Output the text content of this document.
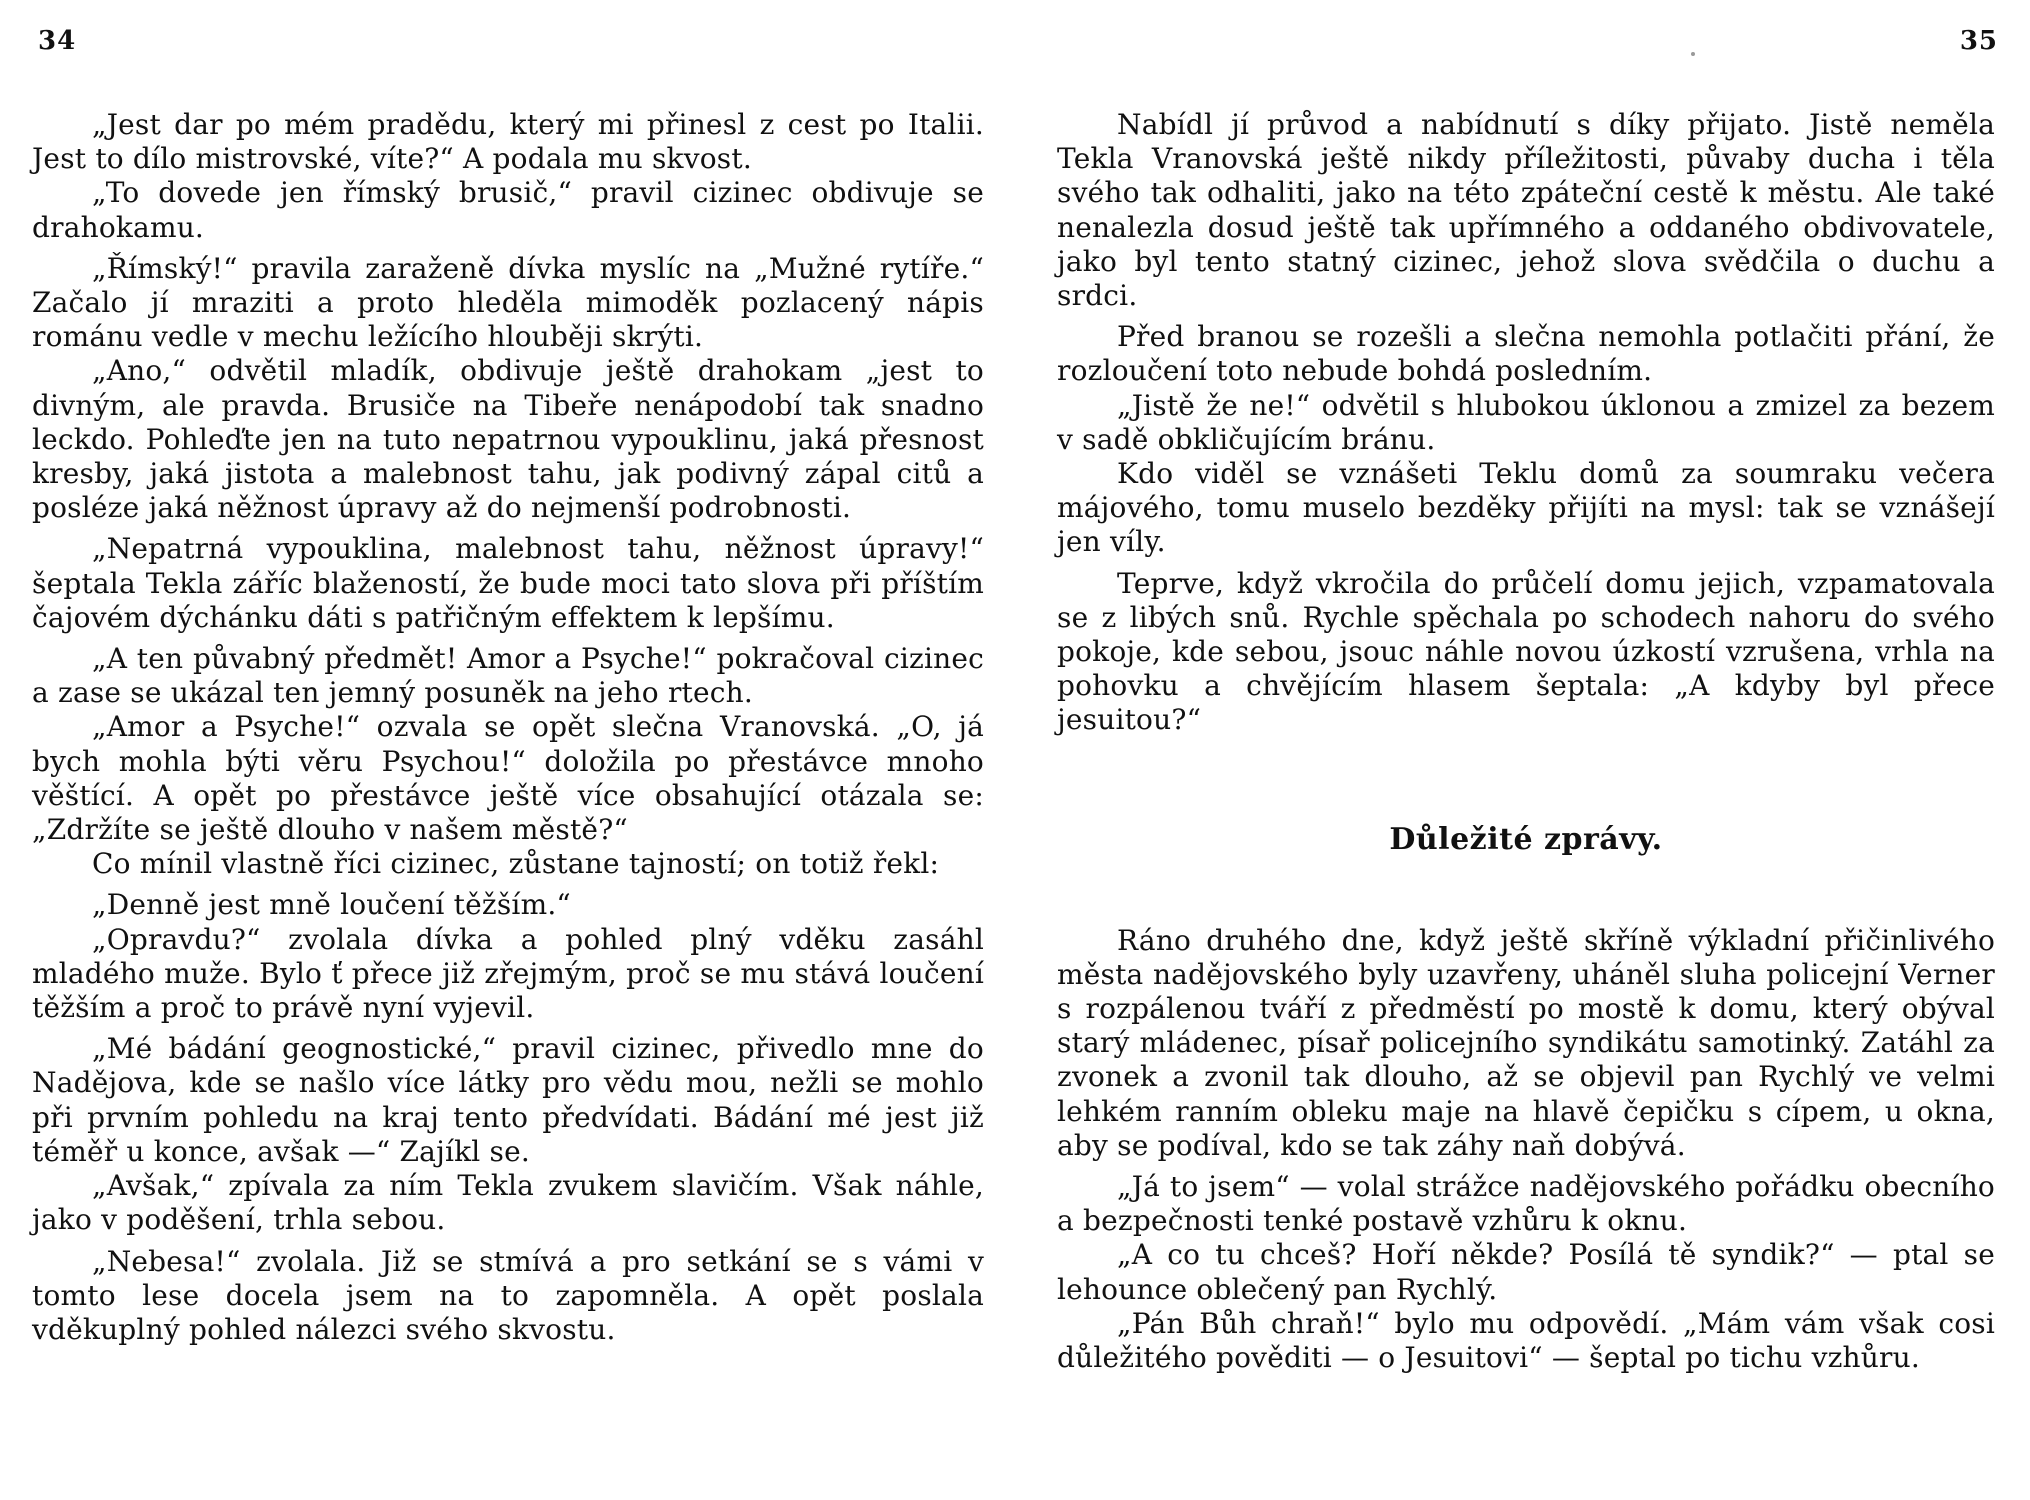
34

„Jest dar po mém pradědu, který mi přinesl z cest po Italii. Jest to dílo mistrovské, víte?“ A podala mu skvost.

„To dovede jen římský brusič,“ pravil cizinec obdivuje se drahokamu.

„Římský!“ pravila zaraženě dívka myslíc na „Mužné rytíře.“ Začalo jí mraziti a proto hleděla mimoděk pozlacený nápis románu vedle v mechu ležícího hlouběji skrýti.

„Ano,“ odvětil mladík, obdivuje ještě drahokam „jest to divným, ale pravda. Brusiče na Tibeře nenápodobí tak snadno leckdo. Pohleďte jen na tuto nepatrnou vypouklinu, jaká přesnost kresby, jaká jistota a malebnost tahu, jak podivný zápal citů a posléze jaká něžnost úpravy až do nejmenší podrobnosti.

„Nepatrná vypouklina, malebnost tahu, něžnost úpravy!“ šeptala Tekla záříc blažeností, že bude moci tato slova při příštím čajovém dýchánku dáti s patřičným effektem k lepšímu.

„A ten půvabný předmět! Amor a Psyche!“ pokračoval cizinec a zase se ukázal ten jemný posuněk na jeho rtech.

„Amor a Psyche!“ ozvala se opět slečna Vranovská. „O, já bych mohla býti věru Psychou!“ doložila po přestávce mnoho věštící. A opět po přestávce ještě více obsahující otázala se: „Zdržíte se ještě dlouho v našem městě?“

Co mínil vlastně říci cizinec, zůstane tajností; on totiž řekl:

„Denně jest mně loučení těžším.“

„Opravdu?“ zvolala dívka a pohled plný vděku zasáhl mladého muže. Bylo ť přece již zřejmým, proč se mu stává loučení těžším a proč to právě nyní vyjevil.

„Mé bádání geognostické,“ pravil cizinec, přivedlo mne do Nadějova, kde se našlo více látky pro vědu mou, nežli se mohlo při prvním pohledu na kraj tento předvídati. Bádání mé jest již téměř u konce, avšak —“ Zajíkl se.

„Avšak,“ zpívala za ním Tekla zvukem slavičím. Však náhle, jako v poděšení, trhla sebou.

„Nebesa!“ zvolala. Již se stmívá a pro setkání se s vámi v tomto lese docela jsem na to zapomněla. A opět poslala vděkuplný pohled nálezci svého skvostu.

35

Nabídl jí průvod a nabídnutí s díky přijato. Jistě neměla Tekla Vranovská ještě nikdy příležitosti, půvaby ducha i těla svého tak odhaliti, jako na této zpáteční cestě k městu. Ale také nenalezla dosud ještě tak upřímného a oddaného obdivovatele, jako byl tento statný cizinec, jehož slova svědčila o duchu a srdci.

Před branou se rozešli a slečna nemohla potlačiti přání, že rozloučení toto nebude bohdá posledním.

„Jistě že ne!“ odvětil s hlubokou úklonou a zmizel za bezem v sadě obkličujícím bránu.

Kdo viděl se vznášeti Teklu domů za soumraku večera májového, tomu muselo bezděky přijíti na mysl: tak se vznášejí jen víly.

Teprve, když vkročila do průčelí domu jejich, vzpamatovala se z libých snů. Rychle spěchala po schodech nahoru do svého pokoje, kde sebou, jsouc náhle novou úzkostí vzrušena, vrhla na pohovku a chvějícím hlasem šeptala: „A kdyby byl přece jesuitou?“

Důležité zprávy.

Ráno druhého dne, když ještě skříně výkladní přičinlivého města nadějovského byly uzavřeny, uháněl sluha policejní Verner s rozpálenou tváří z předměstí po mostě k domu, který obýval starý mládenec, písař policejního syndikátu samotinký. Zatáhl za zvonek a zvonil tak dlouho, až se objevil pan Rychlý ve velmi lehkém ranním obleku maje na hlavě čepičku s cípem, u okna, aby se podíval, kdo se tak záhy naň dobývá.

„Já to jsem“ — volal strážce nadějovského pořádku obecního a bezpečnosti tenké postavě vzhůru k oknu.

„A co tu chceš? Hoří někde? Posílá tě syndik?“ — ptal se lehounce oblečený pan Rychlý.

„Pán Bůh chraň!“ bylo mu odpovědí. „Mám vám však cosi důležitého pověditi — o Jesuitovi“ — šeptal po tichu vzhůru.
